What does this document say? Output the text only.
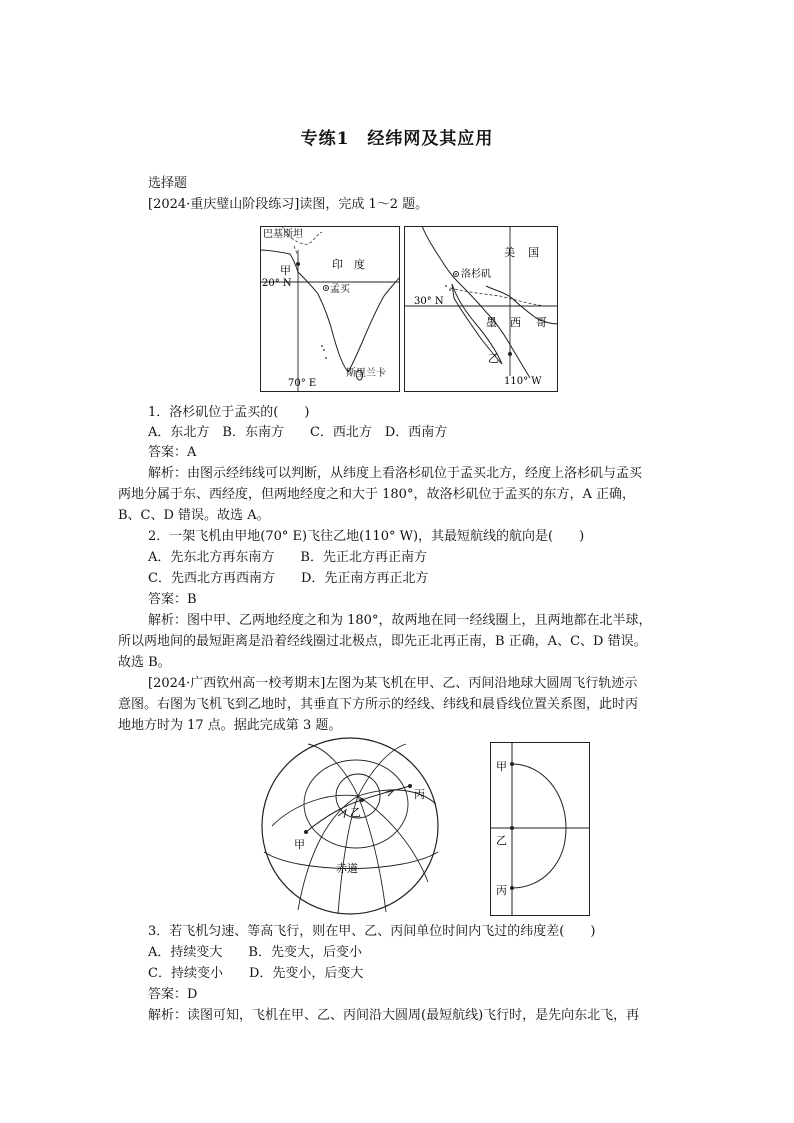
专练1　经纬网及其应用
选择题
[2024·重庆璧山阶段练习]读图，完成 1～2 题。
巴基斯坦
印　度
甲
20° N
孟买
70° E
斯里兰卡
美 国
洛杉矶
30° N
墨 西 哥
乙
110° W
1．洛杉矶位于孟买的(　　)
A．东北方　B．东南方　　C．西北方　D．西南方
答案：A
解析：由图示经纬线可以判断，从纬度上看洛杉矶位于孟买北方，经度上洛杉矶与孟买
两地分属于东、西经度，但两地经度之和大于 180°，故洛杉矶位于孟买的东方，A 正确，
B、C、D 错误。故选 A。
2．一架飞机由甲地(70° E)飞往乙地(110° W)，其最短航线的航向是(　　)
A．先东北方再东南方　　B．先正北方再正南方
C．先西北方再西南方　　D．先正南方再正北方
答案：B
解析：图中甲、乙两地经度之和为 180°，故两地在同一经线圈上，且两地都在北半球，
所以两地间的最短距离是沿着经线圈过北极点，即先正北再正南，B 正确，A、C、D 错误。
故选 B。
[2024·广西钦州高一校考期末]左图为某飞机在甲、乙、丙间沿地球大圆周飞行轨迹示
意图。右图为飞机飞到乙地时，其垂直下方所示的经线、纬线和晨昏线位置关系图，此时丙
地地方时为 17 点。据此完成第 3 题。
甲
乙
丙
赤道
甲
乙
丙
3．若飞机匀速、等高飞行，则在甲、乙、丙间单位时间内飞过的纬度差(　　)
A．持续变大　　B．先变大，后变小
C．持续变小　　D．先变小，后变大
答案：D
解析：读图可知，飞机在甲、乙、丙间沿大圆周(最短航线)飞行时，是先向东北飞，再
